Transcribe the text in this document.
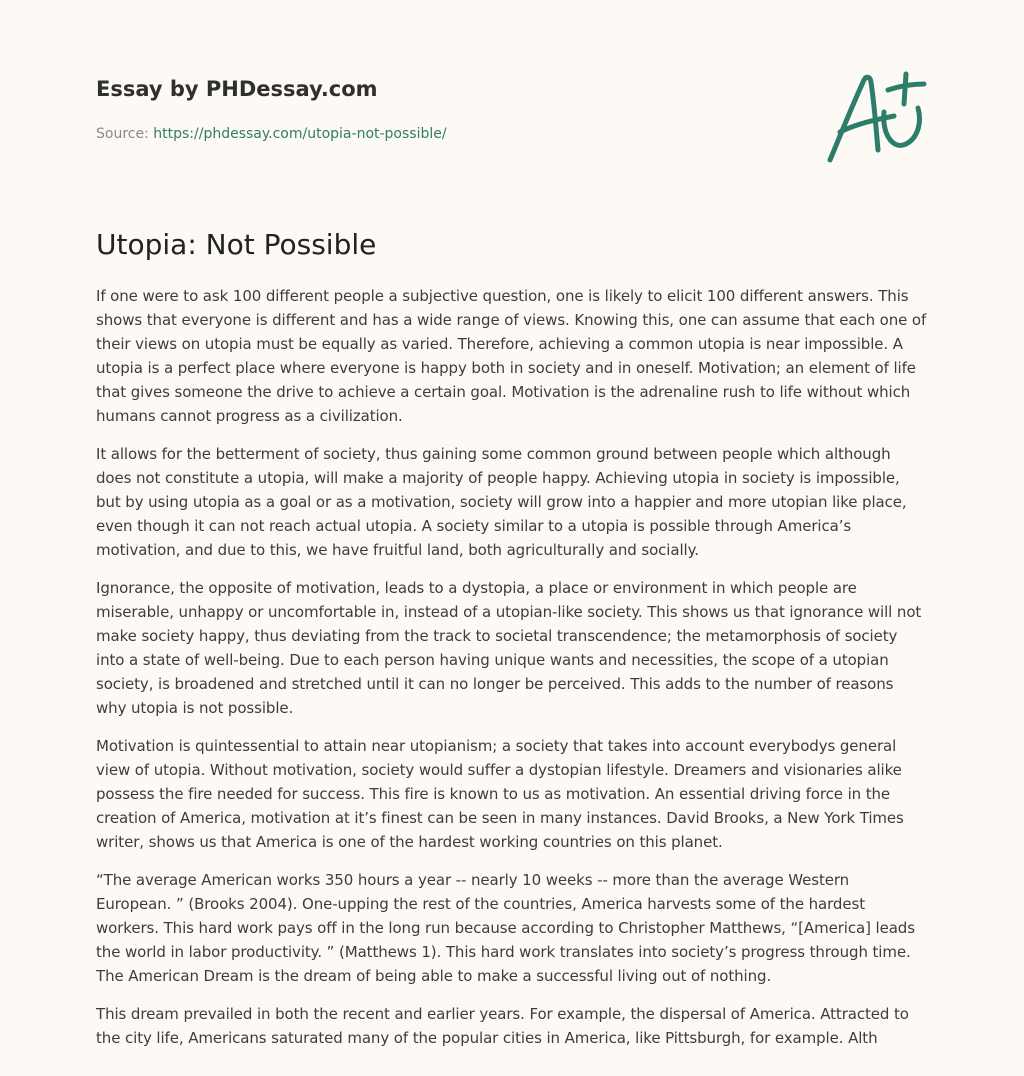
Essay by PHDessay.com
Source: https://phdessay.com/utopia-not-possible/
Utopia: Not Possible

If one were to ask 100 different people a subjective question, one is likely to elicit 100 different answers. This shows that everyone is different and has a wide range of views. Knowing this, one can assume that each one of their views on utopia must be equally as varied. Therefore, achieving a common utopia is near impossible. A utopia is a perfect place where everyone is happy both in society and in oneself. Motivation; an element of life that gives someone the drive to achieve a certain goal. Motivation is the adrenaline rush to life without which humans cannot progress as a civilization.

It allows for the betterment of society, thus gaining some common ground between people which although does not constitute a utopia, will make a majority of people happy. Achieving utopia in society is impossible, but by using utopia as a goal or as a motivation, society will grow into a happier and more utopian like place, even though it can not reach actual utopia. A society similar to a utopia is possible through America’s motivation, and due to this, we have fruitful land, both agriculturally and socially.

Ignorance, the opposite of motivation, leads to a dystopia, a place or environment in which people are miserable, unhappy or uncomfortable in, instead of a utopian-like society. This shows us that ignorance will not make society happy, thus deviating from the track to societal transcendence; the metamorphosis of society into a state of well-being. Due to each person having unique wants and necessities, the scope of a utopian society, is broadened and stretched until it can no longer be perceived. This adds to the number of reasons why utopia is not possible.

Motivation is quintessential to attain near utopianism; a society that takes into account everybodys general view of utopia. Without motivation, society would suffer a dystopian lifestyle. Dreamers and visionaries alike possess the fire needed for success. This fire is known to us as motivation. An essential driving force in the creation of America, motivation at it’s finest can be seen in many instances. David Brooks, a New York Times writer, shows us that America is one of the hardest working countries on this planet.

“The average American works 350 hours a year -- nearly 10 weeks -- more than the average Western European. ” (Brooks 2004). One-upping the rest of the countries, America harvests some of the hardest workers. This hard work pays off in the long run because according to Christopher Matthews, “[America] leads the world in labor productivity. ” (Matthews 1). This hard work translates into society’s progress through time. The American Dream is the dream of being able to make a successful living out of nothing.

This dream prevailed in both the recent and earlier years. For example, the dispersal of America. Attracted to the city life, Americans saturated many of the popular cities in America, like Pittsburgh, for example. Alth
